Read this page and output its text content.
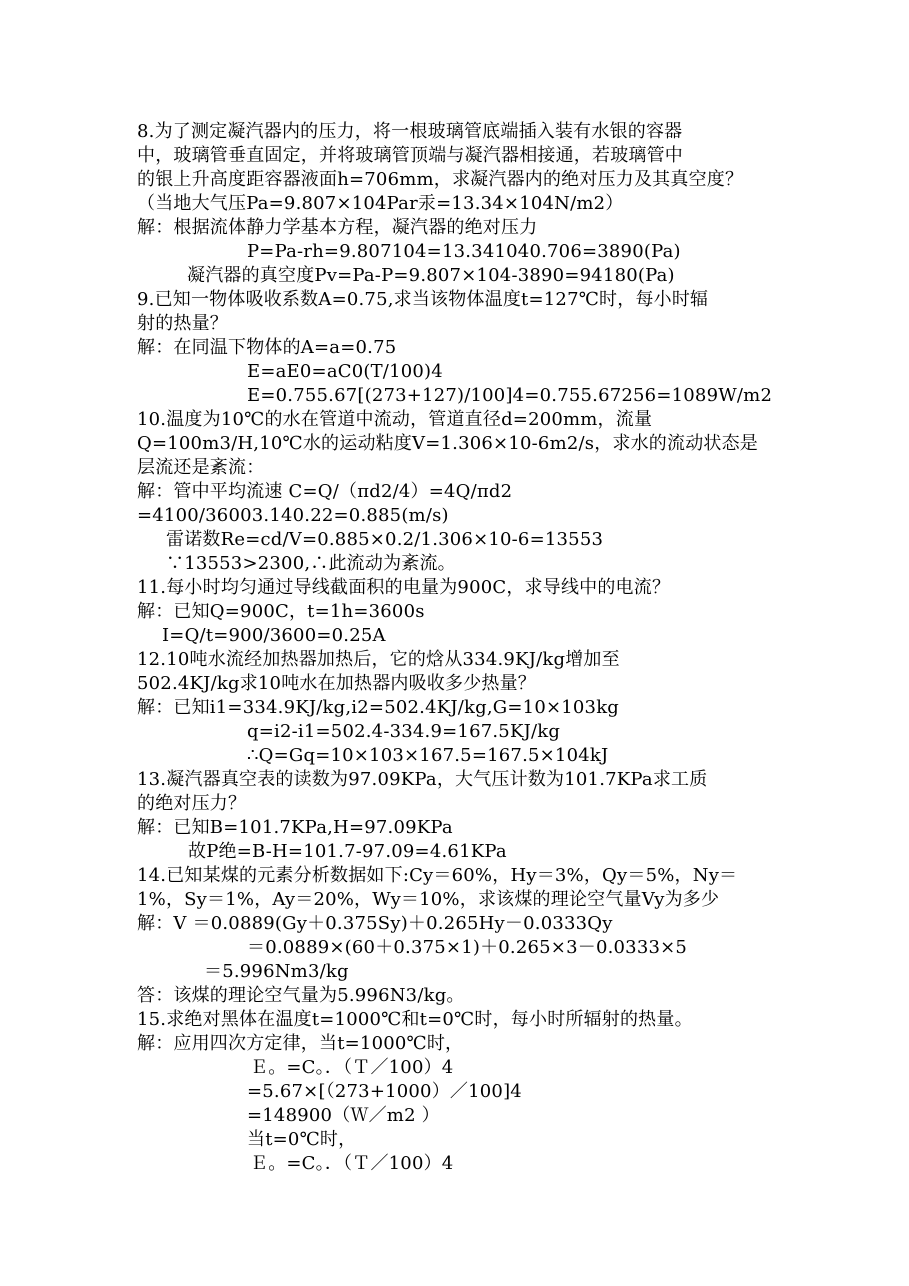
8.为了测定凝汽器内的压力，将一根玻璃管底端插入装有水银的容器
中，玻璃管垂直固定，并将玻璃管顶端与凝汽器相接通，若玻璃管中
的银上升高度距容器液面h=706mm，求凝汽器内的绝对压力及其真空度？
（当地大气压Pa=9.807×104Par汞=13.34×104N/m2）
解：根据流体静力学基本方程，凝汽器的绝对压力
P=Pa-rh=9.807104=13.341040.706=3890(Pa)
凝汽器的真空度Pv=Pa-P=9.807×104-3890=94180(Pa)
9.已知一物体吸收系数A=0.75,求当该物体温度t=127℃时，每小时辐
射的热量？
解：在同温下物体的A=a=0.75
E=aE0=aC0(T/100)4
E=0.755.67[(273+127)/100]4=0.755.67256=1089W/m2
10.温度为10℃的水在管道中流动，管道直径d=200mm，流量
Q=100m3/H,10℃水的运动粘度V=1.306×10-6m2/s，求水的流动状态是
层流还是紊流：
解：管中平均流速 C=Q/（πd2/4）=4Q/πd2
=4100/36003.140.22=0.885(m/s)
雷诺数Re=cd/V=0.885×0.2/1.306×10-6=13553
∵13553>2300,∴此流动为紊流。
11.每小时均匀通过导线截面积的电量为900C，求导线中的电流？
解：已知Q=900C，t=1h=3600s
I=Q/t=900/3600=0.25A
12.10吨水流经加热器加热后，它的焓从334.9KJ/kg增加至
502.4KJ/kg求10吨水在加热器内吸收多少热量？
解：已知i1=334.9KJ/kg,i2=502.4KJ/kg,G=10×103kg
q=i2-i1=502.4-334.9=167.5KJ/kg
∴Q=Gq=10×103×167.5=167.5×104kJ
13.凝汽器真空表的读数为97.09KPa，大气压计数为101.7KPa求工质
的绝对压力？
解：已知B=101.7KPa,H=97.09KPa
故P绝=B-H=101.7-97.09=4.61KPa
14.已知某煤的元素分析数据如下:Cy＝60%，Hy＝3%，Qy＝5%，Ny＝
1%，Sy＝1%，Ay＝20%，Wy＝10%，求该煤的理论空气量Vy为多少
解：V ＝0.0889(Gy＋0.375Sy)＋0.265Hy－0.0333Qy
＝0.0889×(60＋0.375×1)＋0.265×3－0.0333×5
＝5.996Nm3/kg
答：该煤的理论空气量为5.996N3/kg。
15.求绝对黑体在温度t=1000℃和t=0℃时，每小时所辐射的热量。
解：应用四次方定律，当t=1000℃时，
Ｅ。=C。．（Ｔ／100）4
=5.67×[（273+1000）／100]4
=148900（Ｗ／m2 ）
当t=0℃时，
Ｅ。=C。．（Ｔ／100）4
